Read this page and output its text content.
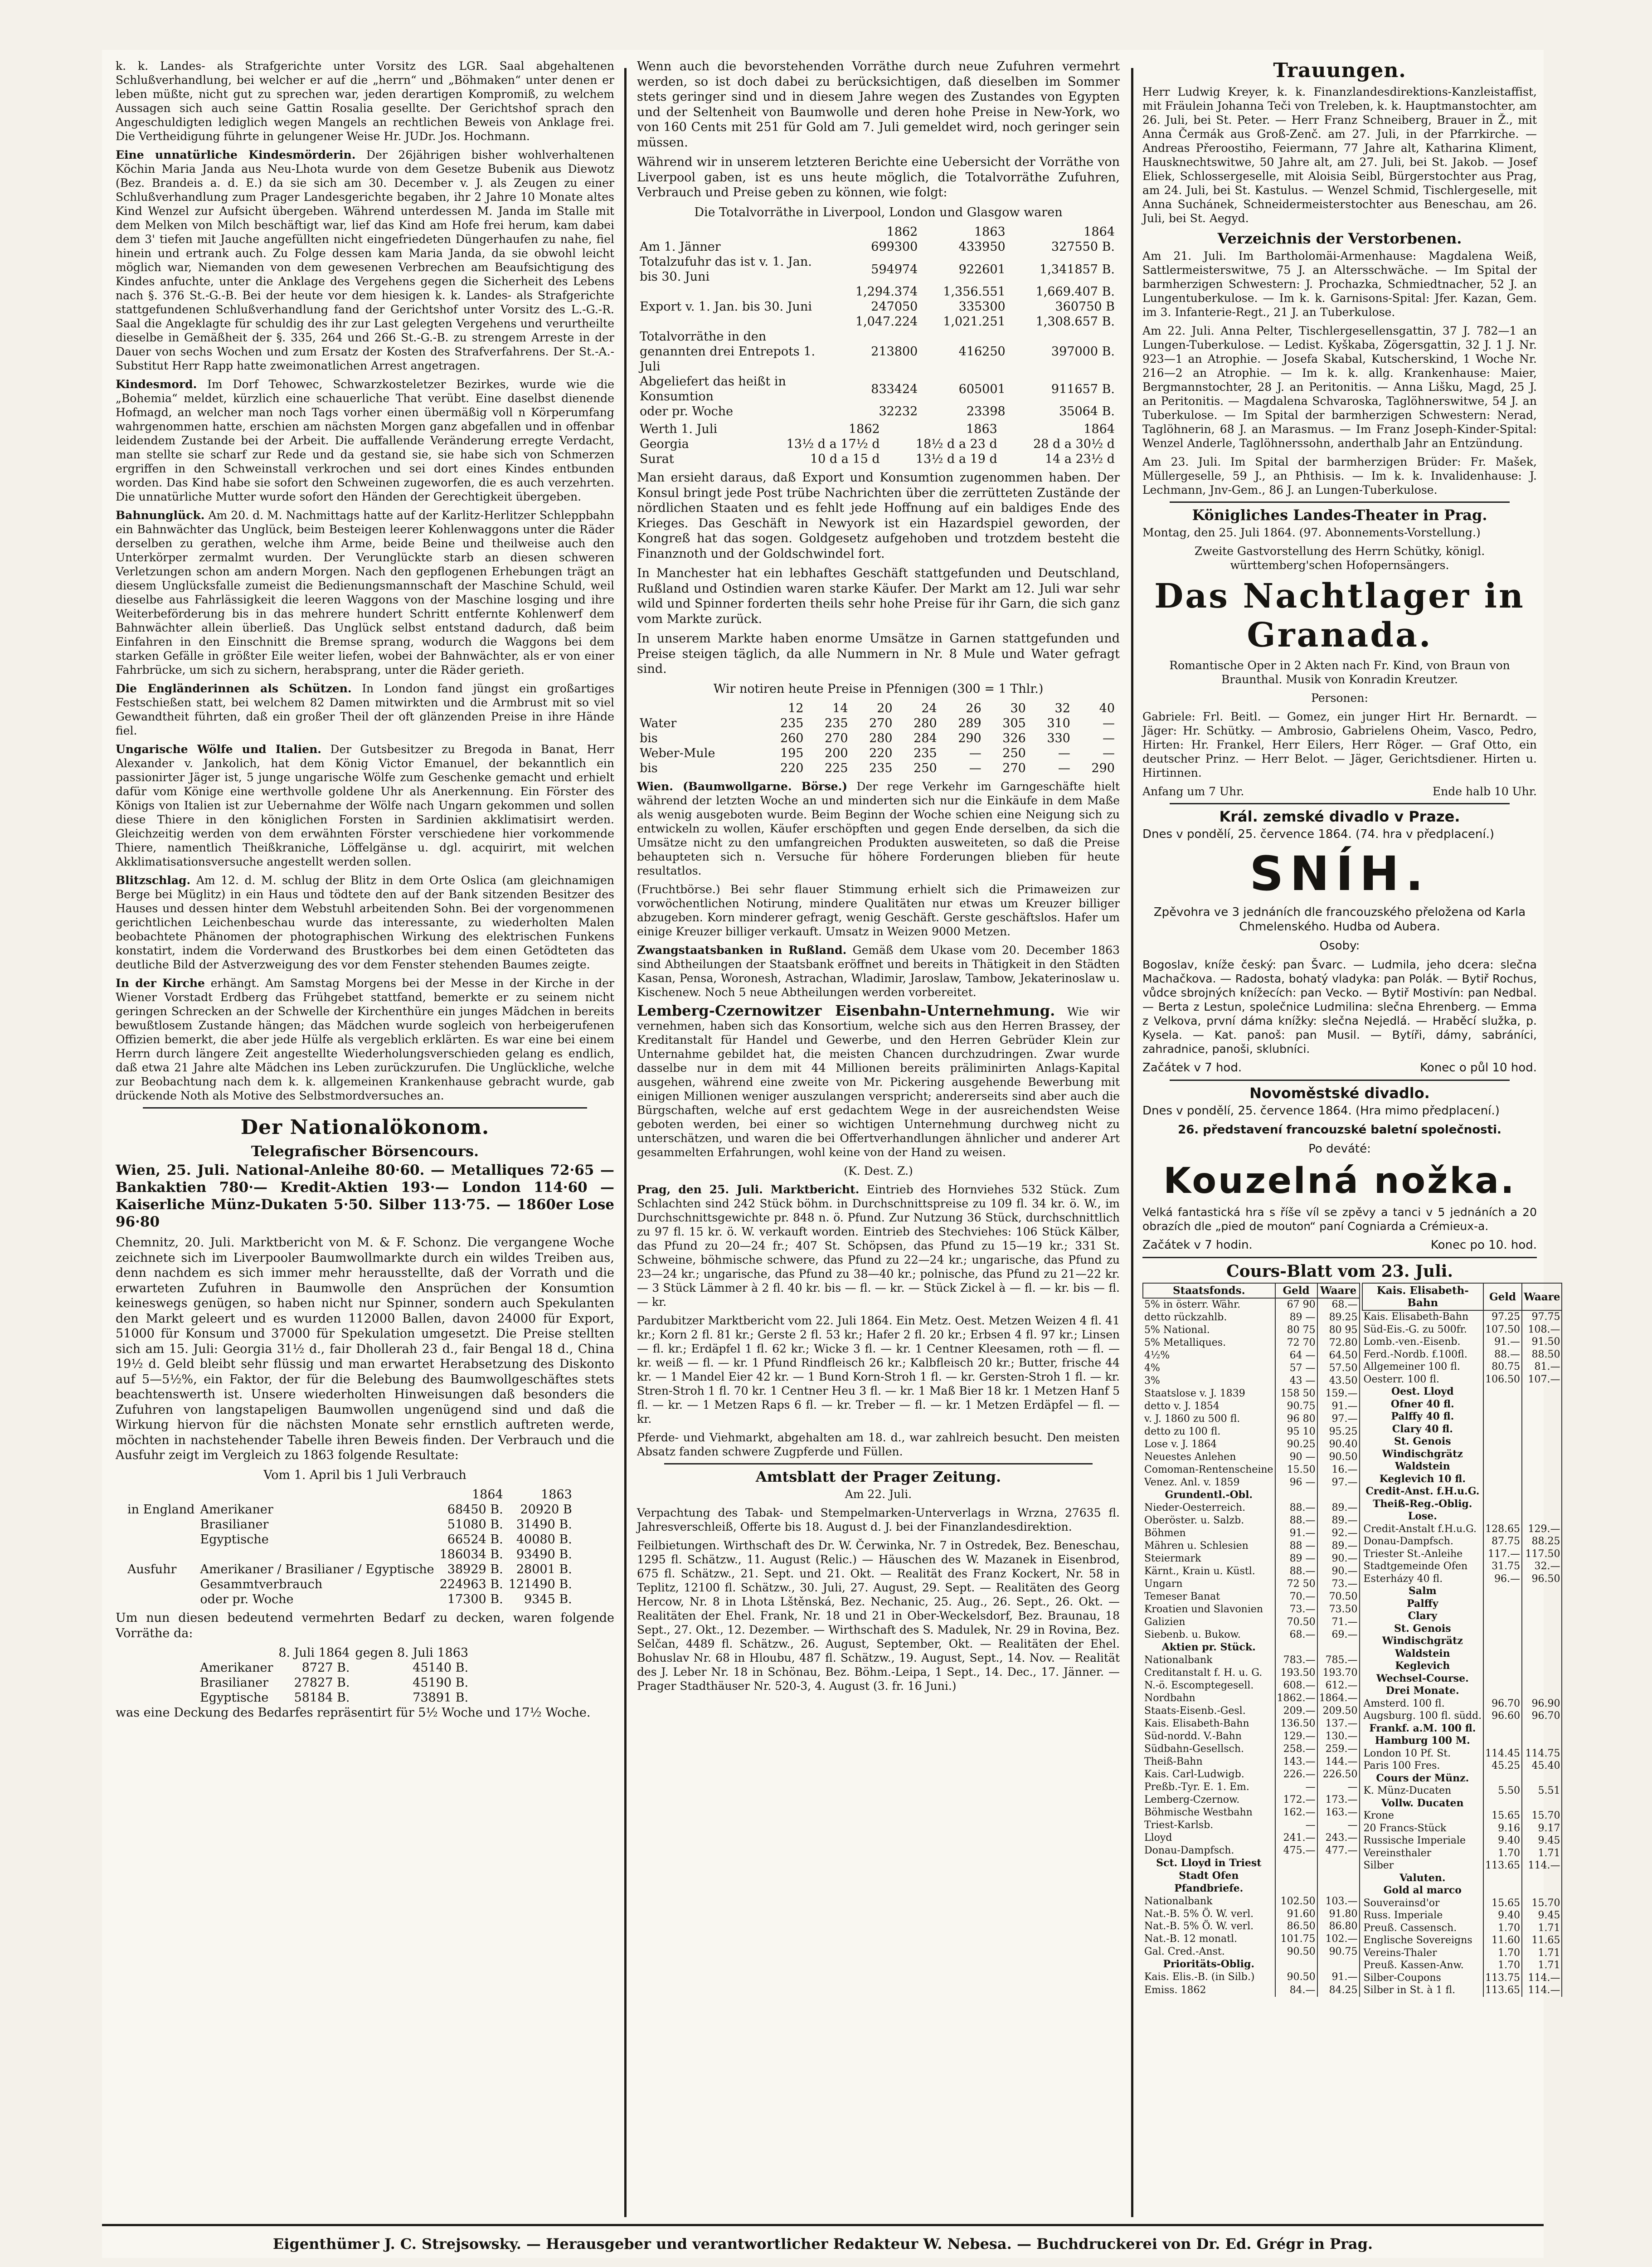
k. k. Landes- als Strafgerichte unter Vorsitz des LGR. Saal abgehaltenen Schlußverhandlung, bei welcher er auf die „herrn“ und „Böhmaken“ unter denen er leben müßte, nicht gut zu sprechen war, jeden derartigen Kompromiß, zu welchem Aussagen sich auch seine Gattin Rosalia gesellte. Der Gerichtshof sprach den Angeschuldigten lediglich wegen Mangels an rechtlichen Beweis von Anklage frei. Die Vertheidigung führte in gelungener Weise Hr. JUDr. Jos. Hochmann.

Eine unnatürliche Kindesmörderin. Der 26jährigen bisher wohlverhaltenen Köchin Maria Janda aus Neu-Lhota wurde von dem Gesetze Bubenik aus Diewotz (Bez. Brandeis a. d. E.) da sie sich am 30. December v. J. als Zeugen zu einer Schlußverhandlung zum Prager Landesgerichte begaben, ihr 2 Jahre 10 Monate altes Kind Wenzel zur Aufsicht übergeben. Während unterdessen M. Janda im Stalle mit dem Melken von Milch beschäftigt war, lief das Kind am Hofe frei herum, kam dabei dem 3' tiefen mit Jauche angefüllten nicht eingefriedeten Düngerhaufen zu nahe, fiel hinein und ertrank auch. Zu Folge dessen kam Maria Janda, da sie obwohl leicht möglich war, Niemanden von dem gewesenen Verbrechen am Beaufsichtigung des Kindes anfuchte, unter die Anklage des Vergehens gegen die Sicherheit des Lebens nach §. 376 St.-G.-B. Bei der heute vor dem hiesigen k. k. Landes- als Strafgerichte stattgefundenen Schlußverhandlung fand der Gerichtshof unter Vorsitz des L.-G.-R. Saal die Angeklagte für schuldig des ihr zur Last gelegten Vergehens und verurtheilte dieselbe in Gemäßheit der §. 335, 264 und 266 St.-G.-B. zu strengem Arreste in der Dauer von sechs Wochen und zum Ersatz der Kosten des Strafverfahrens. Der St.-A.-Substitut Herr Rapp hatte zweimonatlichen Arrest angetragen.

Kindesmord. Im Dorf Tehowec, Schwarzkosteletzer Bezirkes, wurde wie die „Bohemia“ meldet, kürzlich eine schauerliche That verübt. Eine daselbst dienende Hofmagd, an welcher man noch Tags vorher einen übermäßig voll n Körperumfang wahrgenommen hatte, erschien am nächsten Morgen ganz abgefallen und in offenbar leidendem Zustande bei der Arbeit. Die auffallende Veränderung erregte Verdacht, man stellte sie scharf zur Rede und da gestand sie, sie habe sich von Schmerzen ergriffen in den Schweinstall verkrochen und sei dort eines Kindes entbunden worden. Das Kind habe sie sofort den Schweinen zugeworfen, die es auch verzehrten. Die unnatürliche Mutter wurde sofort den Händen der Gerechtigkeit übergeben.

Bahnunglück. Am 20. d. M. Nachmittags hatte auf der Karlitz-Herlitzer Schleppbahn ein Bahnwächter das Unglück, beim Besteigen leerer Kohlenwaggons unter die Räder derselben zu gerathen, welche ihm Arme, beide Beine und theilweise auch den Unterkörper zermalmt wurden. Der Verunglückte starb an diesen schweren Verletzungen schon am andern Morgen. Nach den gepflogenen Erhebungen trägt an diesem Unglücksfalle zumeist die Bedienungsmannschaft der Maschine Schuld, weil dieselbe aus Fahrlässigkeit die leeren Waggons von der Maschine losging und ihre Weiterbeförderung bis in das mehrere hundert Schritt entfernte Kohlenwerf dem Bahnwächter allein überließ. Das Unglück selbst entstand dadurch, daß beim Einfahren in den Einschnitt die Bremse sprang, wodurch die Waggons bei dem starken Gefälle in größter Eile weiter liefen, wobei der Bahnwächter, als er von einer Fahrbrücke, um sich zu sichern, herabsprang, unter die Räder gerieth.

Die Engländerinnen als Schützen. In London fand jüngst ein großartiges Festschießen statt, bei welchem 82 Damen mitwirkten und die Armbrust mit so viel Gewandtheit führten, daß ein großer Theil der oft glänzenden Preise in ihre Hände fiel.

Ungarische Wölfe und Italien. Der Gutsbesitzer zu Bregoda in Banat, Herr Alexander v. Jankolich, hat dem König Victor Emanuel, der bekanntlich ein passionirter Jäger ist, 5 junge ungarische Wölfe zum Geschenke gemacht und erhielt dafür vom Könige eine werthvolle goldene Uhr als Anerkennung. Ein Förster des Königs von Italien ist zur Uebernahme der Wölfe nach Ungarn gekommen und sollen diese Thiere in den königlichen Forsten in Sardinien akklimatisirt werden. Gleichzeitig werden von dem erwähnten Förster verschiedene hier vorkommende Thiere, namentlich Theißkraniche, Löffelgänse u. dgl. acquirirt, mit welchen Akklimatisationsversuche angestellt werden sollen.

Blitzschlag. Am 12. d. M. schlug der Blitz in dem Orte Oslica (am gleichnamigen Berge bei Müglitz) in ein Haus und tödtete den auf der Bank sitzenden Besitzer des Hauses und dessen hinter dem Webstuhl arbeitenden Sohn. Bei der vorgenommenen gerichtlichen Leichenbeschau wurde das interessante, zu wiederholten Malen beobachtete Phänomen der photographischen Wirkung des elektrischen Funkens konstatirt, indem die Vorderwand des Brustkorbes bei dem einen Getödteten das deutliche Bild der Astverzweigung des vor dem Fenster stehenden Baumes zeigte.

In der Kirche erhängt. Am Samstag Morgens bei der Messe in der Kirche in der Wiener Vorstadt Erdberg das Frühgebet stattfand, bemerkte er zu seinem nicht geringen Schrecken an der Schwelle der Kirchenthüre ein junges Mädchen in bereits bewußtlosem Zustande hängen; das Mädchen wurde sogleich von herbeigerufenen Offizien bemerkt, die aber jede Hülfe als vergeblich erklärten. Es war eine bei einem Herrn durch längere Zeit angestellte Wiederholungsverschieden gelang es endlich, daß etwa 21 Jahre alte Mädchen ins Leben zurückzurufen. Die Unglückliche, welche zur Beobachtung nach dem k. k. allgemeinen Krankenhause gebracht wurde, gab drückende Noth als Motive des Selbstmordversuches an.

Der Nationalökonom.
Telegrafischer Börsencours.

Wien, 25. Juli. National-Anleihe 80·60. — Metalliques 72·65 — Bankaktien 780·— Kredit-Aktien 193·— London 114·60 — Kaiserliche Münz-Dukaten 5·50. Silber 113·75. — 1860er Lose 96·80

Chemnitz, 20. Juli. Marktbericht von M. & F. Schonz. Die vergangene Woche zeichnete sich im Liverpooler Baumwollmarkte durch ein wildes Treiben aus, denn nachdem es sich immer mehr herausstellte, daß der Vorrath und die erwarteten Zufuhren in Baumwolle den Ansprüchen der Konsumtion keineswegs genügen, so haben nicht nur Spinner, sondern auch Spekulanten den Markt geleert und es wurden 112000 Ballen, davon 24000 für Export, 51000 für Konsum und 37000 für Spekulation umgesetzt. Die Preise stellten sich am 15. Juli: Georgia 31½ d., fair Dhollerah 23 d., fair Bengal 18 d., China 19½ d. Geld bleibt sehr flüssig und man erwartet Herabsetzung des Diskonto auf 5—5½%, ein Faktor, der für die Belebung des Baumwollgeschäftes stets beachtenswerth ist. Unsere wiederholten Hinweisungen daß besonders die Zufuhren von langstapeligen Baumwollen ungenügend sind und daß die Wirkung hiervon für die nächsten Monate sehr ernstlich auftreten werde, möchten in nachstehender Tabelle ihren Beweis finden. Der Verbrauch und die Ausfuhr zeigt im Vergleich zu 1863 folgende Resultate:

Vom 1. April bis 1 Juli Verbrauch

		1864	1863
in England	Amerikaner	68450 B.	20920 B
	Brasilianer	51080 B.	31490 B.
	Egyptische	66524 B.	40080 B.
		186034 B.	93490 B.
Ausfuhr	Amerikaner / Brasilianer / Egyptische	38929 B.	28001 B.
	Gesammtverbrauch	224963 B.	121490 B.
	oder pr. Woche	17300 B.	9345 B.

Um nun diesen bedeutend vermehrten Bedarf zu decken, waren folgende Vorräthe da:

	8. Juli 1864	gegen 8. Juli 1863
Amerikaner	8727 B.	45140 B.
Brasilianer	27827 B.	45190 B.
Egyptische	58184 B.	73891 B.

was eine Deckung des Bedarfes repräsentirt für 5½ Woche und 17½ Woche.

Wenn auch die bevorstehenden Vorräthe durch neue Zufuhren vermehrt werden, so ist doch dabei zu berücksichtigen, daß dieselben im Sommer stets geringer sind und in diesem Jahre wegen des Zustandes von Egypten und der Seltenheit von Baumwolle und deren hohe Preise in New-York, wo von 160 Cents mit 251 für Gold am 7. Juli gemeldet wird, noch geringer sein müssen.

Während wir in unserem letzteren Berichte eine Uebersicht der Vorräthe von Liverpool gaben, ist es uns heute möglich, die Totalvorräthe Zufuhren, Verbrauch und Preise geben zu können, wie folgt:

Die Totalvorräthe in Liverpool, London und Glasgow waren

	1862	1863	1864
Am 1. Jänner	699300	433950	327550 B.
Totalzufuhr das ist v. 1. Jan. bis 30. Juni	594974	922601	1,341857 B.
	1,294.374	1,356.551	1,669.407 B.
Export v. 1. Jan. bis 30. Juni	247050	335300	360750 B
	1,047.224	1,021.251	1,308.657 B.
Totalvorräthe in den genannten drei Entrepots 1. Juli	213800	416250	397000 B.
Abgeliefert das heißt in Konsumtion	833424	605001	911657 B.
oder pr. Woche	32232	23398	35064 B.
Werth 1. Juli	1862	1863	1864
Georgia	13½ d a 17½ d	18½ d a 23 d	28 d a 30½ d
Surat	10 d a 15 d	13½ d a 19 d	14 a 23½ d

Man ersieht daraus, daß Export und Konsumtion zugenommen haben. Der Konsul bringt jede Post trübe Nachrichten über die zerrütteten Zustände der nördlichen Staaten und es fehlt jede Hoffnung auf ein baldiges Ende des Krieges. Das Geschäft in Newyork ist ein Hazardspiel geworden, der Kongreß hat das sogen. Goldgesetz aufgehoben und trotzdem besteht die Finanznoth und der Goldschwindel fort.

In Manchester hat ein lebhaftes Geschäft stattgefunden und Deutschland, Rußland und Ostindien waren starke Käufer. Der Markt am 12. Juli war sehr wild und Spinner forderten theils sehr hohe Preise für ihr Garn, die sich ganz vom Markte zurück.

In unserem Markte haben enorme Umsätze in Garnen stattgefunden und Preise steigen täglich, da alle Nummern in Nr. 8 Mule und Water gefragt sind.

Wir notiren heute Preise in Pfennigen (300 = 1 Thlr.)

	12	14	20	24	26	30	32	40
Water	235	235	270	280	289	305	310	—
bis	260	270	280	284	290	326	330	—
Weber-Mule	195	200	220	235	—	250	—	—
bis	220	225	235	250	—	270	—	290

Wien. (Baumwollgarne. Börse.) Der rege Verkehr im Garngeschäfte hielt während der letzten Woche an und minderten sich nur die Einkäufe in dem Maße als wenig ausgeboten wurde. Beim Beginn der Woche schien eine Neigung sich zu entwickeln zu wollen, Käufer erschöpften und gegen Ende derselben, da sich die Umsätze nicht zu den umfangreichen Produkten ausweiteten, so daß die Preise behaupteten sich n. Versuche für höhere Forderungen blieben für heute resultatlos.

(Fruchtbörse.) Bei sehr flauer Stimmung erhielt sich die Primaweizen zur vorwöchentlichen Notirung, mindere Qualitäten nur etwas um Kreuzer billiger abzugeben. Korn minderer gefragt, wenig Geschäft. Gerste geschäftslos. Hafer um einige Kreuzer billiger verkauft. Umsatz in Weizen 9000 Metzen.

Zwangstaatsbanken in Rußland. Gemäß dem Ukase vom 20. December 1863 sind Abtheilungen der Staatsbank eröffnet und bereits in Thätigkeit in den Städten Kasan, Pensa, Woronesh, Astrachan, Wladimir, Jaroslaw, Tambow, Jekaterinoslaw u. Kischenew. Noch 5 neue Abtheilungen werden vorbereitet.

Lemberg-Czernowitzer Eisenbahn-Unternehmung. Wie wir vernehmen, haben sich das Konsortium, welche sich aus den Herren Brassey, der Kreditanstalt für Handel und Gewerbe, und den Herren Gebrüder Klein zur Unternahme gebildet hat, die meisten Chancen durchzudringen. Zwar wurde dasselbe nur in dem mit 44 Millionen bereits präliminirten Anlags-Kapital ausgehen, während eine zweite von Mr. Pickering ausgehende Bewerbung mit einigen Millionen weniger auszulangen verspricht; andererseits sind aber auch die Bürgschaften, welche auf erst gedachtem Wege in der ausreichendsten Weise geboten werden, bei einer so wichtigen Unternehmung durchweg nicht zu unterschätzen, und waren die bei Offertverhandlungen ähnlicher und anderer Art gesammelten Erfahrungen, wohl keine von der Hand zu weisen.

(K. Dest. Z.)

Prag, den 25. Juli. Marktbericht. Eintrieb des Hornviehes 532 Stück. Zum Schlachten sind 242 Stück böhm. in Durchschnittspreise zu 109 fl. 34 kr. ö. W., im Durchschnittsgewichte pr. 848 n. ö. Pfund. Zur Nutzung 36 Stück, durchschnittlich zu 97 fl. 15 kr. ö. W. verkauft worden. Eintrieb des Stechviehes: 106 Stück Kälber, das Pfund zu 20—24 fr.; 407 St. Schöpsen, das Pfund zu 15—19 kr.; 331 St. Schweine, böhmische schwere, das Pfund zu 22—24 kr.; ungarische, das Pfund zu 23—24 kr.; ungarische, das Pfund zu 38—40 kr.; polnische, das Pfund zu 21—22 kr. — 3 Stück Lämmer à 2 fl. 40 kr. bis — fl. — kr. — Stück Zickel à — fl. — kr. bis — fl. — kr.

Pardubitzer Marktbericht vom 22. Juli 1864. Ein Metz. Oest. Metzen Weizen 4 fl. 41 kr.; Korn 2 fl. 81 kr.; Gerste 2 fl. 53 kr.; Hafer 2 fl. 20 kr.; Erbsen 4 fl. 97 kr.; Linsen — fl. kr.; Erdäpfel 1 fl. 62 kr.; Wicke 3 fl. — kr. 1 Centner Kleesamen, roth — fl. — kr. weiß — fl. — kr. 1 Pfund Rindfleisch 26 kr.; Kalbfleisch 20 kr.; Butter, frische 44 kr. — 1 Mandel Eier 42 kr. — 1 Bund Korn-Stroh 1 fl. — kr. Gersten-Stroh 1 fl. — kr. Stren-Stroh 1 fl. 70 kr. 1 Centner Heu 3 fl. — kr. 1 Maß Bier 18 kr. 1 Metzen Hanf 5 fl. — kr. — 1 Metzen Raps 6 fl. — kr. Treber — fl. — kr. 1 Metzen Erdäpfel — fl. — kr.

Pferde- und Viehmarkt, abgehalten am 18. d., war zahlreich besucht. Den meisten Absatz fanden schwere Zugpferde und Füllen.

Amtsblatt der Prager Zeitung.

Am 22. Juli.

Verpachtung des Tabak- und Stempelmarken-Unterverlags in Wrzna, 27635 fl. Jahresverschleiß, Offerte bis 18. August d. J. bei der Finanzlandesdirektion.

Feilbietungen. Wirthschaft des Dr. W. Čerwinka, Nr. 7 in Ostredek, Bez. Beneschau, 1295 fl. Schätzw., 11. August (Relic.) — Häuschen des W. Mazanek in Eisenbrod, 675 fl. Schätzw., 21. Sept. und 21. Okt. — Realität des Franz Kockert, Nr. 58 in Teplitz, 12100 fl. Schätzw., 30. Juli, 27. August, 29. Sept. — Realitäten des Georg Hercow, Nr. 8 in Lhota Lštěnská, Bez. Nechanic, 25. Aug., 26. Sept., 26. Okt. — Realitäten der Ehel. Frank, Nr. 18 und 21 in Ober-Weckelsdorf, Bez. Braunau, 18 Sept., 27. Okt., 12. Dezember. — Wirthschaft des S. Madulek, Nr. 29 in Rovina, Bez. Selčan, 4489 fl. Schätzw., 26. August, September, Okt. — Realitäten der Ehel. Bohuslav Nr. 68 in Hloubu, 487 fl. Schätzw., 19. August, Sept., 14. Nov. — Realität des J. Leber Nr. 18 in Schönau, Bez. Böhm.-Leipa, 1 Sept., 14. Dec., 17. Jänner. — Prager Stadthäuser Nr. 520-3, 4. August (3. fr. 16 Juni.)

Trauungen.

Herr Ludwig Kreyer, k. k. Finanzlandesdirektions-Kanzleistaffist, mit Fräulein Johanna Teči von Treleben, k. k. Hauptmanstochter, am 26. Juli, bei St. Peter. — Herr Franz Schneiberg, Brauer in Ž., mit Anna Čermák aus Groß-Zenč. am 27. Juli, in der Pfarrkirche. — Andreas Přeroostiho, Feiermann, 77 Jahre alt, Katharina Kliment, Hausknechtswitwe, 50 Jahre alt, am 27. Juli, bei St. Jakob. — Josef Eliek, Schlossergeselle, mit Aloisia Seibl, Bürgerstochter aus Prag, am 24. Juli, bei St. Kastulus. — Wenzel Schmid, Tischlergeselle, mit Anna Suchánek, Schneidermeisterstochter aus Beneschau, am 26. Juli, bei St. Aegyd.

Verzeichnis der Verstorbenen.

Am 21. Juli. Im Bartholomäi-Armenhause: Magdalena Weiß, Sattlermeisterswitwe, 75 J. an Altersschwäche. — Im Spital der barmherzigen Schwestern: J. Prochazka, Schmiedtnacher, 52 J. an Lungentuberkulose. — Im k. k. Garnisons-Spital: Jfer. Kazan, Gem. im 3. Infanterie-Regt., 21 J. an Tuberkulose.

Am 22. Juli. Anna Pelter, Tischlergesellensgattin, 37 J. 782—1 an Lungen-Tuberkulose. — Ledist. Kyškaba, Zögersgattin, 32 J. 1 J. Nr. 923—1 an Atrophie. — Josefa Skabal, Kutscherskind, 1 Woche Nr. 216—2 an Atrophie. — Im k. k. allg. Krankenhause: Maier, Bergmannstochter, 28 J. an Peritonitis. — Anna Lišku, Magd, 25 J. an Peritonitis. — Magdalena Schvaroska, Taglöhnerswitwe, 54 J. an Tuberkulose. — Im Spital der barmherzigen Schwestern: Nerad, Taglöhnerin, 68 J. an Marasmus. — Im Franz Joseph-Kinder-Spital: Wenzel Anderle, Taglöhnerssohn, anderthalb Jahr an Entzündung.

Am 23. Juli. Im Spital der barmherzigen Brüder: Fr. Mašek, Müllergeselle, 59 J., an Phthisis. — Im k. k. Invalidenhause: J. Lechmann, Jnv-Gem., 86 J. an Lungen-Tuberkulose.

Königliches Landes-Theater in Prag.

Montag, den 25. Juli 1864. (97. Abonnements-Vorstellung.)

Zweite Gastvorstellung des Herrn Schütky, königl. württemberg'schen Hofopernsängers.

Das Nachtlager in Granada.

Romantische Oper in 2 Akten nach Fr. Kind, von Braun von Braunthal. Musik von Konradin Kreutzer.

Personen:

Gabriele: Frl. Beitl. — Gomez, ein junger Hirt Hr. Bernardt. — Jäger: Hr. Schütky. — Ambrosio, Gabrielens Oheim, Vasco, Pedro, Hirten: Hr. Frankel, Herr Eilers, Herr Röger. — Graf Otto, ein deutscher Prinz. — Herr Belot. — Jäger, Gerichtsdiener. Hirten u. Hirtinnen.

Anfang um 7 Uhr.	Ende halb 10 Uhr.

Král. zemské divadlo v Praze.

Dnes v pondělí, 25. července 1864. (74. hra v předplacení.)

SNÍH.

Zpěvohra ve 3 jednáních dle francouzského přeložena od Karla Chmelenského. Hudba od Aubera.

Osoby:

Bogoslav, kníže český: pan Švarc. — Ludmila, jeho dcera: slečna Machačkova. — Radosta, bohatý vladyka: pan Polák. — Bytiř Rochus, vůdce sbrojných knížecích: pan Vecko. — Bytiř Mostivín: pan Nedbal. — Berta z Lestun, společnice Ludmilina: slečna Ehrenberg. — Emma z Velkova, první dáma knížky: slečna Nejedlá. — Hraběcí služka, p. Kysela. — Kat. panoš: pan Musil. — Bytíři, dámy, sabráníci, zahradnice, panoši, sklubníci.

Začátek v 7 hod.	Konec o půl 10 hod.

Novoměstské divadlo.

Dnes v pondělí, 25. července 1864. (Hra mimo předplacení.)

26. představení francouzské baletní společnosti.

Po deváté:

Kouzelná nožka.

Velká fantastická hra s říše víl se zpěvy a tanci v 5 jednáních a 20 obrazích dle „pied de mouton“ paní Cogniarda a Crémieux-a.

Začátek v 7 hodin.	Konec po 10. hod.

Cours-Blatt vom 23. Juli.
Staatsfonds.	Geld	Waare
5% in österr. Währ.	67 90	68.—
detto rückzahlb.	89 —	89.25
5% National.	80 75	80 95
5% Metalliques.	72 70	72.80
4½%	64 —	64.50
4%	57 —	57.50
3%	43 —	43.50
Staatslose v. J. 1839	158 50	159.—
detto v. J. 1854	90.75	91.—
v. J. 1860 zu 500 fl.	96 80	97.—
detto zu 100 fl.	95 10	95.25
Lose v. J. 1864	90.25	90.40
Neuestes Anlehen	90 —	90.50
Comoman-Rentenscheine	15.50	16.—
Venez. Anl. v. 1859	96 —	97.—
Grundentl.-Obl.		
Nieder-Oesterreich.	88.—	89.—
Oberöster. u. Salzb.	88.—	89.—
Böhmen	91.—	92.—
Mähren u. Schlesien	88 —	89.—
Steiermark	89 —	90.—
Kärnt., Krain u. Küstl.	88.—	90.—
Ungarn	72 50	73.—
Temeser Banat	70.—	70.50
Kroatien und Slavonien	73.—	73.50
Galizien	70.50	71.—
Siebenb. u. Bukow.	68.—	69.—
Aktien pr. Stück.		
Nationalbank	783.—	785.—
Creditanstalt f. H. u. G.	193.50	193.70
N.-ö. Escomptegesell.	608.—	612.—
Nordbahn	1862.—	1864.—
Staats-Eisenb.-Gesl.	209.—	209.50
Kais. Elisabeth-Bahn	136.50	137.—
Süd-nordd. V.-Bahn	129.—	130.—
Südbahn-Gesellsch.	258.—	259.—
Theiß-Bahn	143.—	144.—
Kais. Carl-Ludwigb.	226.—	226.50
Preßb.-Tyr. E. 1. Em.	—	—
Lemberg-Czernow.	172.—	173.—
Böhmische Westbahn	162.—	163.—
Triest-Karlsb.	—	—
Lloyd	241.—	243.—
Donau-Dampfsch.	475.—	477.—
Sct. Lloyd in Triest		
Stadt Ofen		
Pfandbriefe.		
Nationalbank	102.50	103.—
Nat.-B. 5% Ö. W. verl.	91.60	91.80
Nat.-B. 5% Ö. W. verl.	86.50	86.80
Nat.-B. 12 monatl.	101.75	102.—
Gal. Cred.-Anst.	90.50	90.75
Prioritäts-Oblig.		
Kais. Elis.-B. (in Silb.)	90.50	91.—
Emiss. 1862	84.—	84.25
Kais. Elisabeth-Bahn	Geld	Waare
Kais. Elisabeth-Bahn	97.25	97.75
Süd-Eis.-G. zu 500fr.	107.50	108.—
Lomb.-ven.-Eisenb.	91.—	91.50
Ferd.-Nordb. f.100fl.	88.—	88.50
Allgemeiner 100 fl.	80.75	81.—
Oesterr. 100 fl.	106.50	107.—
Oest. Lloyd		
Ofner 40 fl.		
Palffy 40 fl.		
Clary 40 fl.		
St. Genois		
Windischgrätz		
Waldstein		
Keglevich 10 fl.		
Credit-Anst. f.H.u.G.		
Theiß-Reg.-Oblig.		
Lose.		
Credit-Anstalt f.H.u.G.	128.65	129.—
Donau-Dampfsch.	87.75	88.25
Triester St.-Anleihe	117.—	117.50
Stadtgemeinde Ofen	31.75	32.—
Esterházy 40 fl.	96.—	96.50
Salm		
Palffy		
Clary		
St. Genois		
Windischgrätz		
Waldstein		
Keglevich		
Wechsel-Course.		
Drei Monate.		
Amsterd. 100 fl.	96.70	96.90
Augsburg. 100 fl. südd.	96.60	96.70
Frankf. a.M. 100 fl.		
Hamburg 100 M.		
London 10 Pf. St.	114.45	114.75
Paris 100 Fres.	45.25	45.40
Cours der Münz.		
K. Münz-Ducaten	5.50	5.51
Vollw. Ducaten		
Krone	15.65	15.70
20 Francs-Stück	9.16	9.17
Russische Imperiale	9.40	9.45
Vereinsthaler	1.70	1.71
Silber	113.65	114.—
Valuten.		
Gold al marco		
Souverainsd'or	15.65	15.70
Russ. Imperiale	9.40	9.45
Preuß. Cassensch.	1.70	1.71
Englische Sovereigns	11.60	11.65
Vereins-Thaler	1.70	1.71
Preuß. Kassen-Anw.	1.70	1.71
Silber-Coupons	113.75	114.—
Silber in St. à 1 fl.	113.65	114.—
Eigenthümer J. C. Strejsowsky. — Herausgeber und verantwortlicher Redakteur W. Nebesa. — Buchdruckerei von Dr. Ed. Grégr in Prag.
